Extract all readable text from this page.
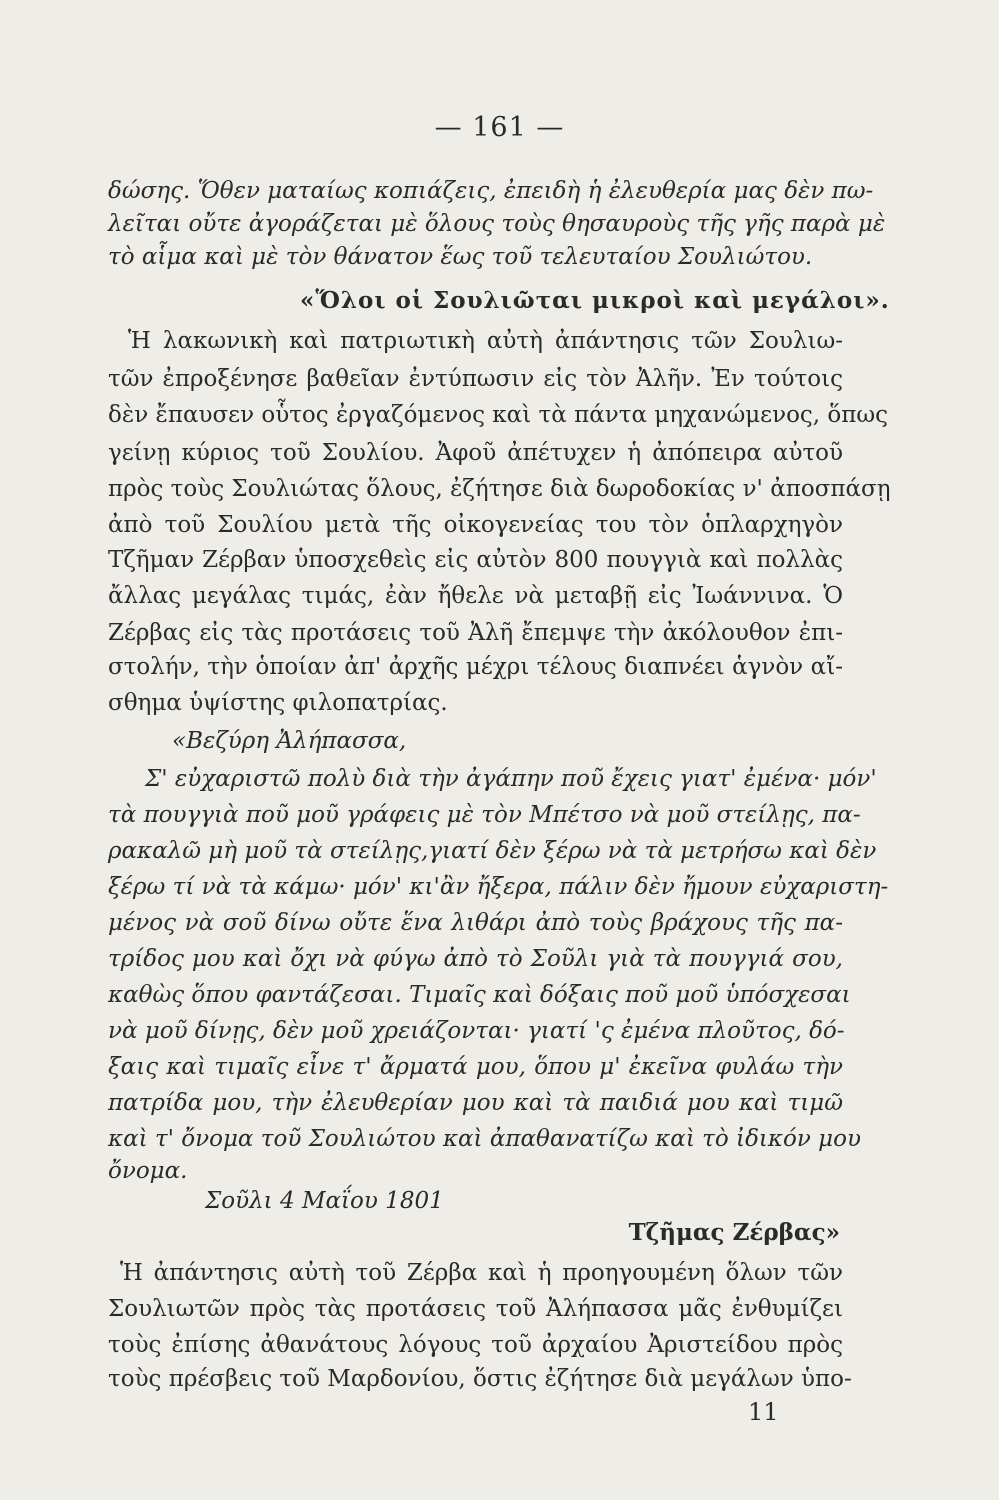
— 161 —
δώσης. Ὅθεν ματαίως κοπιάζεις, ἐπειδὴ ἡ ἐλευθερία μας δὲν πω-
λεῖται οὔτε ἀγοράζεται μὲ ὅλους τοὺς θησαυροὺς τῆς γῆς παρὰ μὲ
τὸ αἷμα καὶ μὲ τὸν θάνατον ἕως τοῦ τελευταίου Σουλιώτου.
«Ὅλοι οἱ Σουλιῶται μικροὶ καὶ μεγάλοι».
Ἡ λακωνικὴ καὶ πατριωτικὴ αὐτὴ ἀπάντησις τῶν Σουλιω-
τῶν ἐπροξένησε βαθεῖαν ἐντύπωσιν εἰς τὸν Ἀλῆν. Ἐν τούτοις
δὲν ἔπαυσεν οὗτος ἐργαζόμενος καὶ τὰ πάντα μηχανώμενος, ὅπως
γείνῃ κύριος τοῦ Σουλίου. Ἀφοῦ ἀπέτυχεν ἡ ἀπόπειρα αὐτοῦ
πρὸς τοὺς Σουλιώτας ὅλους, ἐζήτησε διὰ δωροδοκίας ν' ἀποσπάσῃ
ἀπὸ τοῦ Σουλίου μετὰ τῆς οἰκογενείας του τὸν ὁπλαρχηγὸν
Τζῆμαν Ζέρβαν ὑποσχεθεὶς εἰς αὐτὸν 800 πουγγιὰ καὶ πολλὰς
ἄλλας μεγάλας τιμάς, ἐὰν ἤθελε νὰ μεταβῇ εἰς Ἰωάννινα. Ὁ
Ζέρβας εἰς τὰς προτάσεις τοῦ Ἀλῆ ἔπεμψε τὴν ἀκόλουθον ἐπι-
στολήν, τὴν ὁποίαν ἀπ' ἀρχῆς μέχρι τέλους διαπνέει ἁγνὸν αἴ-
σθημα ὑψίστης φιλοπατρίας.
«Βεζύρη Ἀλήπασσα,
Σ' εὐχαριστῶ πολὺ διὰ τὴν ἀγάπην ποῦ ἔχεις γιατ' ἐμένα· μόν'
τὰ πουγγιὰ ποῦ μοῦ γράφεις μὲ τὸν Μπέτσο νὰ μοῦ στείλῃς, πα-
ρακαλῶ μὴ μοῦ τὰ στείλῃς,γιατί δὲν ξέρω νὰ τὰ μετρήσω καὶ δὲν
ξέρω τί νὰ τὰ κάμω· μόν' κι'ἂν ἤξερα, πάλιν δὲν ἤμουν εὐχαριστη-
μένος νὰ σοῦ δίνω οὔτε ἕνα λιθάρι ἀπὸ τοὺς βράχους τῆς πα-
τρίδος μου καὶ ὄχι νὰ φύγω ἀπὸ τὸ Σοῦλι γιὰ τὰ πουγγιά σου,
καθὼς ὅπου φαντάζεσαι. Τιμαῖς καὶ δόξαις ποῦ μοῦ ὑπόσχεσαι
νὰ μοῦ δίνῃς, δὲν μοῦ χρειάζονται· γιατί 'ς ἐμένα πλοῦτος, δό-
ξαις καὶ τιμαῖς εἶνε τ' ἄρματά μου, ὅπου μ' ἐκεῖνα φυλάω τὴν
πατρίδα μου, τὴν ἐλευθερίαν μου καὶ τὰ παιδιά μου καὶ τιμῶ
καὶ τ' ὄνομα τοῦ Σουλιώτου καὶ ἀπαθανατίζω καὶ τὸ ἰδικόν μου
ὄνομα.
Σοῦλι 4 Μαΐου 1801
Τζῆμας Ζέρβας»
Ἡ ἀπάντησις αὐτὴ τοῦ Ζέρβα καὶ ἡ προηγουμένη ὅλων τῶν
Σουλιωτῶν πρὸς τὰς προτάσεις τοῦ Ἀλήπασσα μᾶς ἐνθυμίζει
τοὺς ἐπίσης ἀθανάτους λόγους τοῦ ἀρχαίου Ἀριστείδου πρὸς
τοὺς πρέσβεις τοῦ Μαρδονίου, ὅστις ἐζήτησε διὰ μεγάλων ὑπο-
11
